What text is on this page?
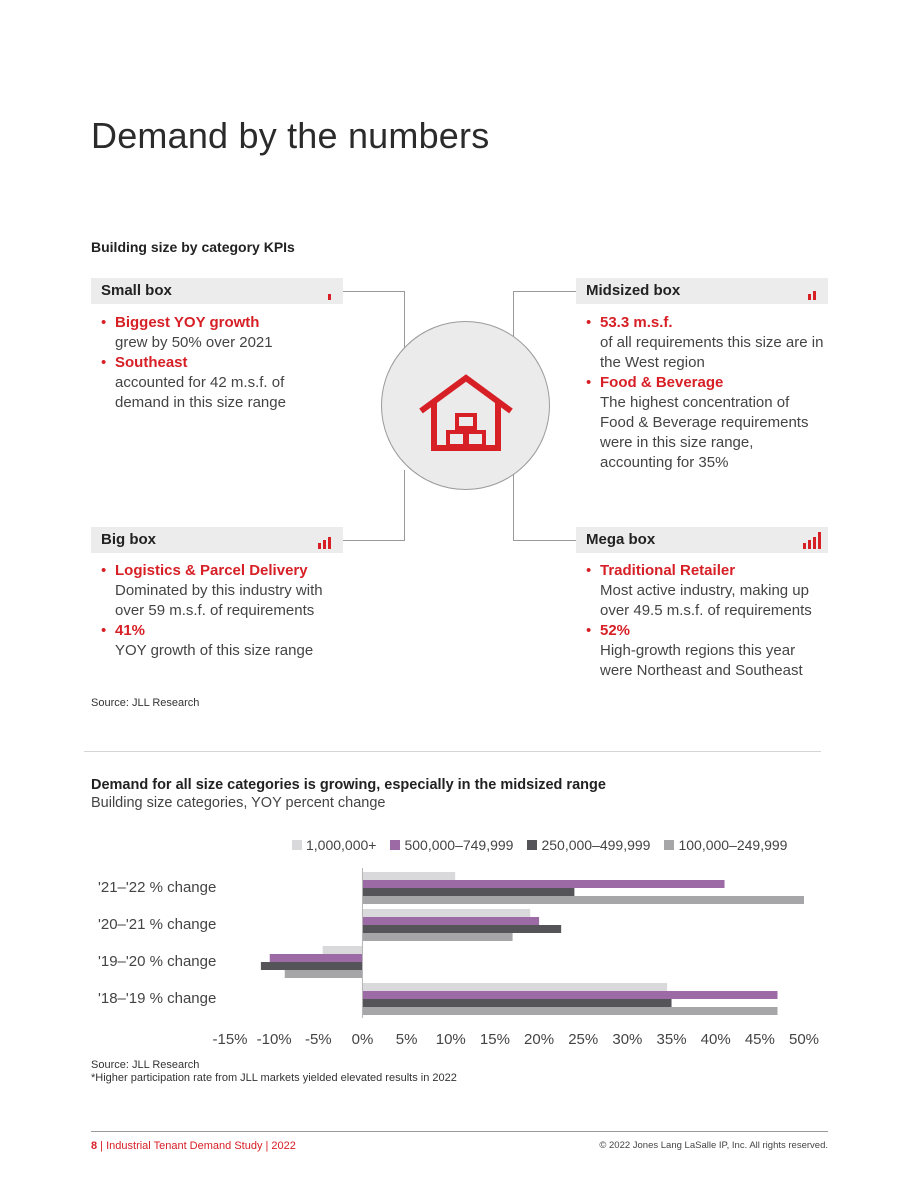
Demand by the numbers
Building size by category KPIs
Small box
• Biggest YOY growth
grew by 50% over 2021
• Southeast
accounted for 42 m.s.f. of
demand in this size range
Midsized box
• 53.3 m.s.f.
of all requirements this size are in
the West region
• Food & Beverage
The highest concentration of
Food & Beverage requirements
were in this size range,
accounting for 35%
Big box
• Logistics & Parcel Delivery
Dominated by this industry with
over 59 m.s.f. of requirements
• 41%
YOY growth of this size range
Mega box
• Traditional Retailer
Most active industry, making up
over 49.5 m.s.f. of requirements
• 52%
High-growth regions this year
were Northeast and Southeast
Source: JLL Research
Demand for all size categories is growing, especially in the midsized range
Building size categories, YOY percent change
1,000,000+ 500,000–749,999 250,000–499,999 100,000–249,999
'21–'22 % change
'20–'21 % change
'19–'20 % change
'18–'19 % change
-15% -10% -5% 0% 5% 10% 15% 20% 25% 30% 35% 40% 45% 50%
Source: JLL Research
*Higher participation rate from JLL markets yielded elevated results in 2022
8 | Industrial Tenant Demand Study | 2022	© 2022 Jones Lang LaSalle IP, Inc. All rights reserved.
